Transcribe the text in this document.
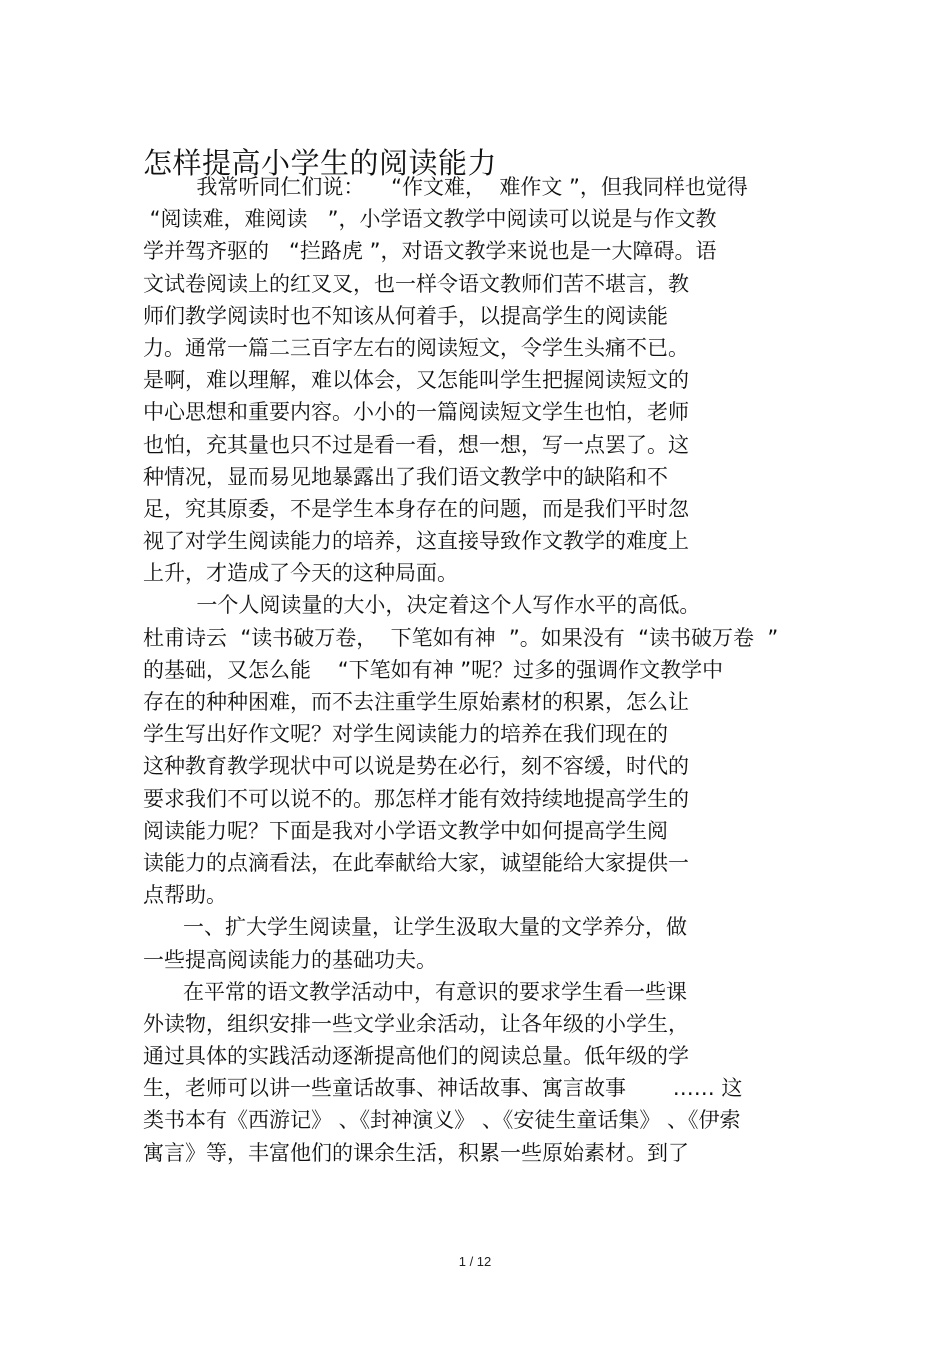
怎样提高小学生的阅读能力
我常听同仁们说：    “作文难，  难作文 ”，但我同样也觉得
“阅读难，难阅读   ”，小学语文教学中阅读可以说是与作文教
学并驾齐驱的   “拦路虎 ”，对语文教学来说也是一大障碍。语
文试卷阅读上的红叉叉，也一样令语文教师们苦不堪言，教
师们教学阅读时也不知该从何着手，以提高学生的阅读能
力。通常一篇二三百字左右的阅读短文，令学生头痛不已。
是啊，难以理解，难以体会，又怎能叫学生把握阅读短文的
中心思想和重要内容。小小的一篇阅读短文学生也怕，老师
也怕，充其量也只不过是看一看，想一想，写一点罢了。这
种情况，显而易见地暴露出了我们语文教学中的缺陷和不
足，究其原委，不是学生本身存在的问题，而是我们平时忽
视了对学生阅读能力的培养，这直接导致作文教学的难度上
上升，才造成了今天的这种局面。
一个人阅读量的大小，决定着这个人写作水平的高低。
杜甫诗云  “读书破万卷，  下笔如有神  ”。如果没有  “读书破万卷  ”
的基础，又怎么能    “下笔如有神 ”呢？过多的强调作文教学中
存在的种种困难，而不去注重学生原始素材的积累，怎么让
学生写出好作文呢？对学生阅读能力的培养在我们现在的
这种教育教学现状中可以说是势在必行，刻不容缓，时代的
要求我们不可以说不的。那怎样才能有效持续地提高学生的
阅读能力呢？下面是我对小学语文教学中如何提高学生阅
读能力的点滴看法，在此奉献给大家，诚望能给大家提供一
点帮助。
一、扩大学生阅读量，让学生汲取大量的文学养分，做
一些提高阅读能力的基础功夫。
在平常的语文教学活动中，有意识的要求学生看一些课
外读物，组织安排一些文学业余活动，让各年级的小学生，
通过具体的实践活动逐渐提高他们的阅读总量。低年级的学
生，老师可以讲一些童话故事、神话故事、寓言故事       …… 这
类书本有《西游记》 、《封神演义》 、《安徒生童话集》 、《伊索
寓言》等，丰富他们的课余生活，积累一些原始素材。到了
1 / 12
